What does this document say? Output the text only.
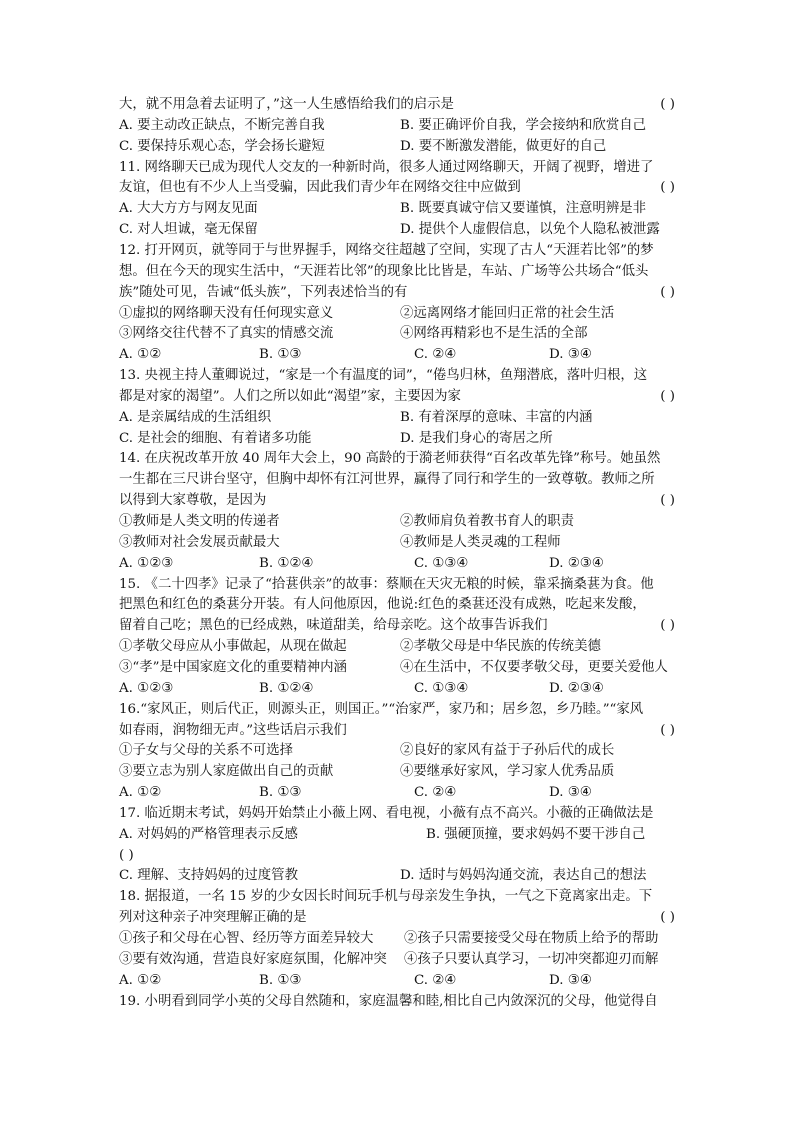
大，就不用急着去证明了，”这一人生感悟给我们的启示是	( )
A. 要主动改正缺点，不断完善自我	B. 要正确评价自我，学会接纳和欣赏自己
C. 要保持乐观心态，学会扬长避短	D. 要不断激发潜能，做更好的自己
11. 网络聊天已成为现代人交友的一种新时尚，很多人通过网络聊天，开阔了视野，增进了
友谊，但也有不少人上当受骗，因此我们青少年在网络交往中应做到	( )
A. 大大方方与网友见面	B. 既要真诚守信又要谨慎，注意明辨是非
C. 对人坦诚，毫无保留	D. 提供个人虚假信息，以免个人隐私被泄露
12. 打开网页，就等同于与世界握手，网络交往超越了空间，实现了古人“天涯若比邻”的梦
想。但在今天的现实生活中，“天涯若比邻”的现象比比皆是，车站、广场等公共场合“低头
族”随处可见，告诫“低头族”，下列表述恰当的有	( )
①虚拟的网络聊天没有任何现实意义	②远离网络才能回归正常的社会生活
③网络交往代替不了真实的情感交流	④网络再精彩也不是生活的全部
A. ①②	B. ①③	C. ②④	D. ③④
13. 央视主持人董卿说过，“家是一个有温度的词”，“倦鸟归林，鱼翔潜底，落叶归根，这
都是对家的渴望”。人们之所以如此“渴望”家，主要因为家	( )
A. 是亲属结成的生活组织	B. 有着深厚的意味、丰富的内涵
C. 是社会的细胞、有着诸多功能	D. 是我们身心的寄居之所
14. 在庆祝改革开放 40 周年大会上，90 高龄的于漪老师获得“百名改革先锋”称号。她虽然
一生都在三尺讲台坚守，但胸中却怀有江河世界，赢得了同行和学生的一致尊敬。教师之所
以得到大家尊敬，是因为	( )
①教师是人类文明的传递者	②教师肩负着教书育人的职责
③教师对社会发展贡献最大	④教师是人类灵魂的工程师
A. ①②③	B. ①②④	C. ①③④	D. ②③④
15. 《二十四孝》记录了“拾葚供亲”的故事：蔡顺在天灾无粮的时候，靠采摘桑葚为食。他
把黑色和红色的桑葚分开装。有人问他原因，他说:红色的桑葚还没有成熟，吃起来发酸，
留着自己吃；黑色的已经成熟，味道甜美，给母亲吃。这个故事告诉我们	( )
①孝敬父母应从小事做起，从现在做起	②孝敬父母是中华民族的传统美德
③“孝”是中国家庭文化的重要精神内涵	④在生活中，不仅要孝敬父母，更要关爱他人
A. ①②③	B. ①②④	C. ①③④	D. ②③④
16.“家风正，则后代正，则源头正，则国正。”“治家严，家乃和；居乡忽，乡乃睦。”“家风
如春雨，润物细无声。”这些话启示我们	( )
①子女与父母的关系不可选择	②良好的家风有益于子孙后代的成长
③要立志为别人家庭做出自己的贡献	④要继承好家风，学习家人优秀品质
A. ①②	B. ①③	C. ②④	D. ③④
17. 临近期末考试，妈妈开始禁止小薇上网、看电视，小薇有点不高兴。小薇的正确做法是
A. 对妈妈的严格管理表示反感	B. 强硬顶撞，要求妈妈不要干涉自己
( )
C. 理解、支持妈妈的过度管教	D. 适时与妈妈沟通交流，表达自己的想法
18. 据报道，一名 15 岁的少女因长时间玩手机与母亲发生争执，一气之下竟离家出走。下
列对这种亲子冲突理解正确的是	( )
①孩子和父母在心智、经历等方面差异较大 ②孩子只需要接受父母在物质上给予的帮助
③要有效沟通，营造良好家庭氛围，化解冲突 ④孩子只要认真学习，一切冲突都迎刃而解
A. ①②	B. ①③	C. ②④	D. ③④
19. 小明看到同学小英的父母自然随和，家庭温馨和睦,相比自己内敛深沉的父母，他觉得自
